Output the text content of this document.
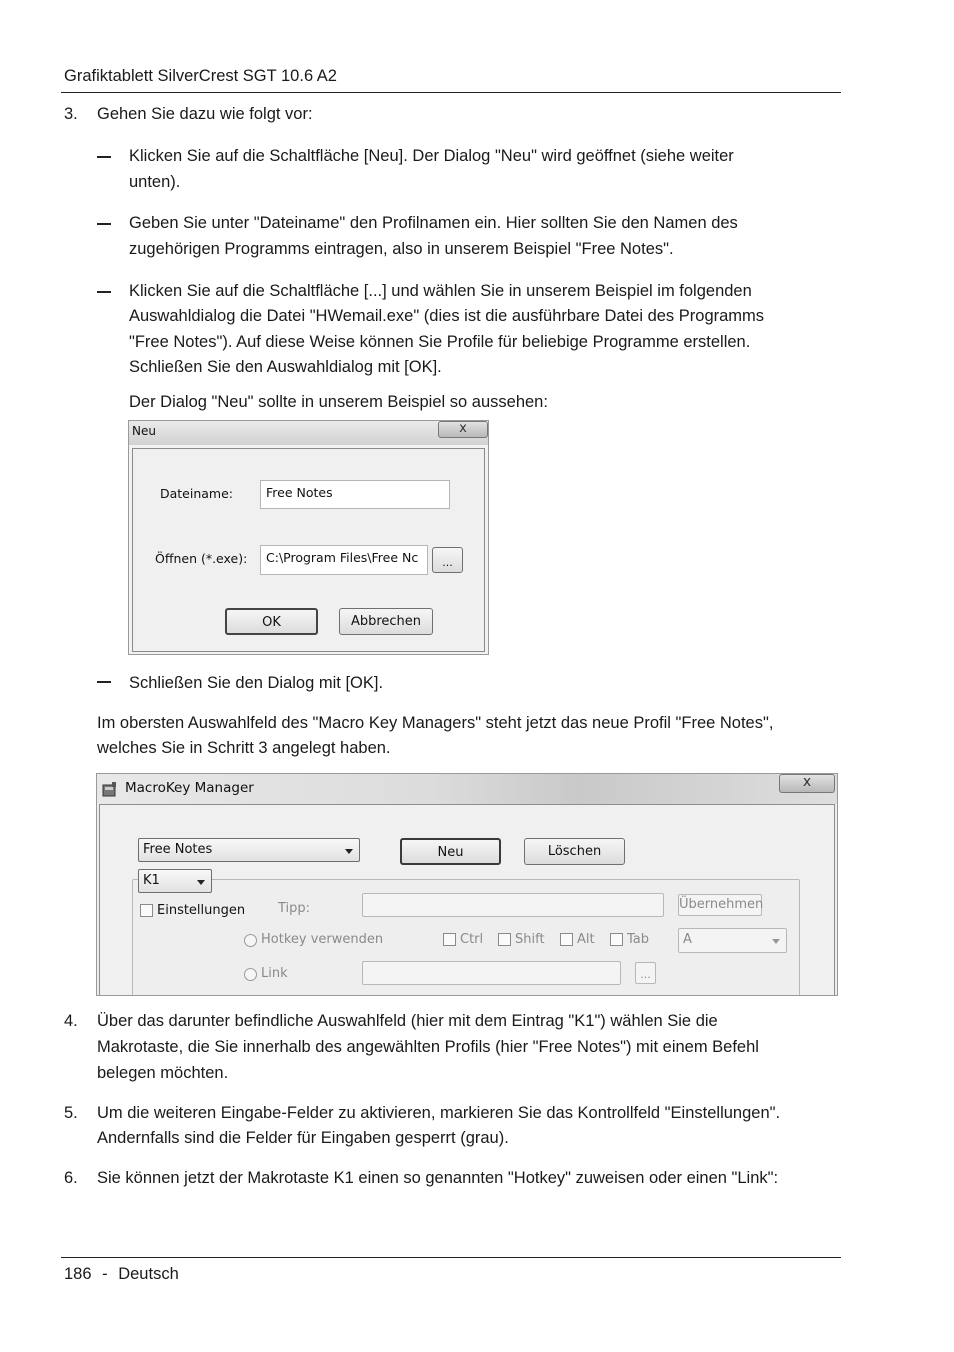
Grafiktablett SilverCrest SGT 10.6 A2
3. Gehen Sie dazu wie folgt vor:
Klicken Sie auf die Schaltfläche [Neu]. Der Dialog "Neu" wird geöffnet (siehe weiter
unten).
Geben Sie unter "Dateiname" den Profilnamen ein. Hier sollten Sie den Namen des
zugehörigen Programms eintragen, also in unserem Beispiel "Free Notes".
Klicken Sie auf die Schaltfläche [...] und wählen Sie in unserem Beispiel im folgenden
Auswahldialog die Datei "HWemail.exe" (dies ist die ausführbare Datei des Programms
"Free Notes"). Auf diese Weise können Sie Profile für beliebige Programme erstellen.
Schließen Sie den Auswahldialog mit [OK].
Der Dialog "Neu" sollte in unserem Beispiel so aussehen:
Neu	x
Dateiname:	Free Notes
Öffnen (*.exe):	C:\Program Files\Free Nc	...
OK	Abbrechen
Schließen Sie den Dialog mit [OK].
Im obersten Auswahlfeld des "Macro Key Managers" steht jetzt das neue Profil "Free Notes",
welches Sie in Schritt 3 angelegt haben.
MacroKey Manager	x
Free Notes	Neu	Löschen
K1
Einstellungen	Tipp:	Übernehmen
Hotkey verwenden	Ctrl Shift Alt Tab	A
Link	...
4. Über das darunter befindliche Auswahlfeld (hier mit dem Eintrag "K1") wählen Sie die
Makrotaste, die Sie innerhalb des angewählten Profils (hier "Free Notes") mit einem Befehl
belegen möchten.
5. Um die weiteren Eingabe-Felder zu aktivieren, markieren Sie das Kontrollfeld "Einstellungen".
Andernfalls sind die Felder für Eingaben gesperrt (grau).
6. Sie können jetzt der Makrotaste K1 einen so genannten "Hotkey" zuweisen oder einen "Link":
186 - Deutsch
